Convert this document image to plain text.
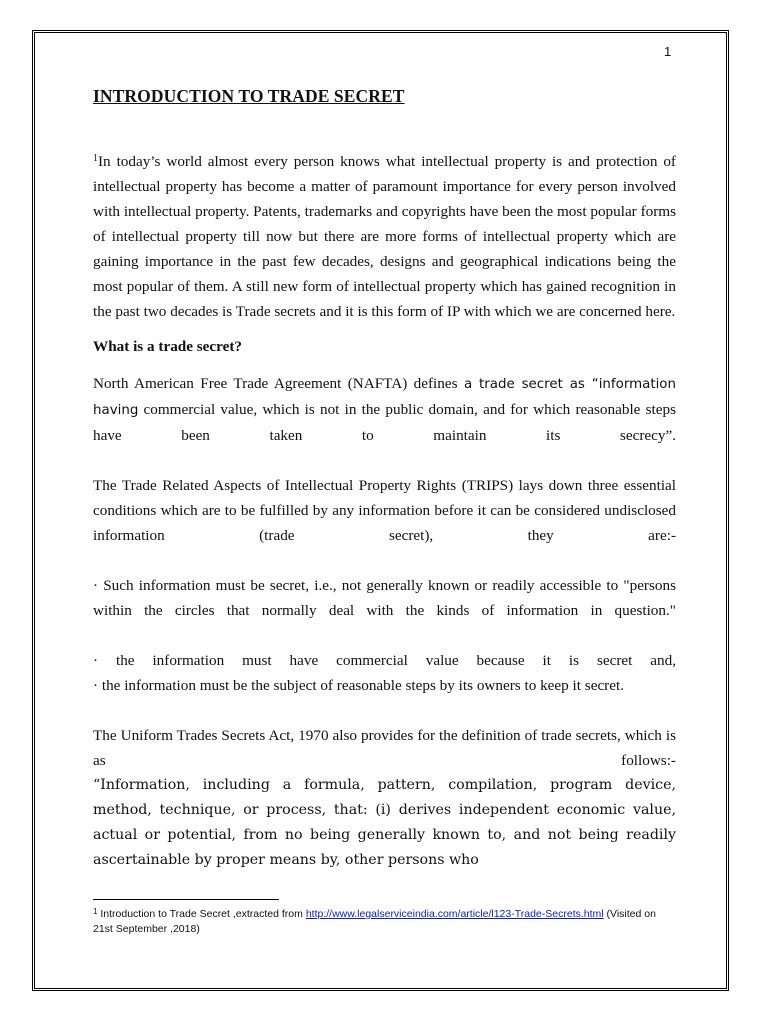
1
INTRODUCTION TO TRADE SECRET

$^1$In today’s world almost every person knows what intellectual property is and protection of intellectual property has become a matter of paramount importance for every person involved with intellectual property. Patents, trademarks and copyrights have been the most popular forms of intellectual property till now but there are more forms of intellectual property which are gaining importance in the past few decades, designs and geographical indications being the most popular of them. A still new form of intellectual property which has gained recognition in the past two decades is Trade secrets and it is this form of IP with which we are concerned here.

What is a trade secret?

North American Free Trade Agreement (NAFTA) defines a trade secret as “information having commercial value, which is not in the public domain, and for which reasonable steps have been taken to maintain its secrecy”.

The Trade Related Aspects of Intellectual Property Rights (TRIPS) lays down three essential conditions which are to be fulfilled by any information before it can be considered undisclosed information (trade secret), they are:-

· Such information must be secret, i.e., not generally known or readily accessible to "persons within the circles that normally deal with the kinds of information in question."

· the information must have commercial value because it is secret and,

· the information must be the subject of reasonable steps by its owners to keep it secret.

The Uniform Trades Secrets Act, 1970 also provides for the definition of trade secrets, which is as follows:-

“Information, including a formula, pattern, compilation, program device, method, technique, or process, that: (i) derives independent economic value, actual or potential, from no being generally known to, and not being readily ascertainable by proper means by, other persons who

$^1$ Introduction to Trade Secret ,extracted from http://www.legalserviceindia.com/article/l123-Trade-Secrets.html (Visited on 21st September ,2018)
